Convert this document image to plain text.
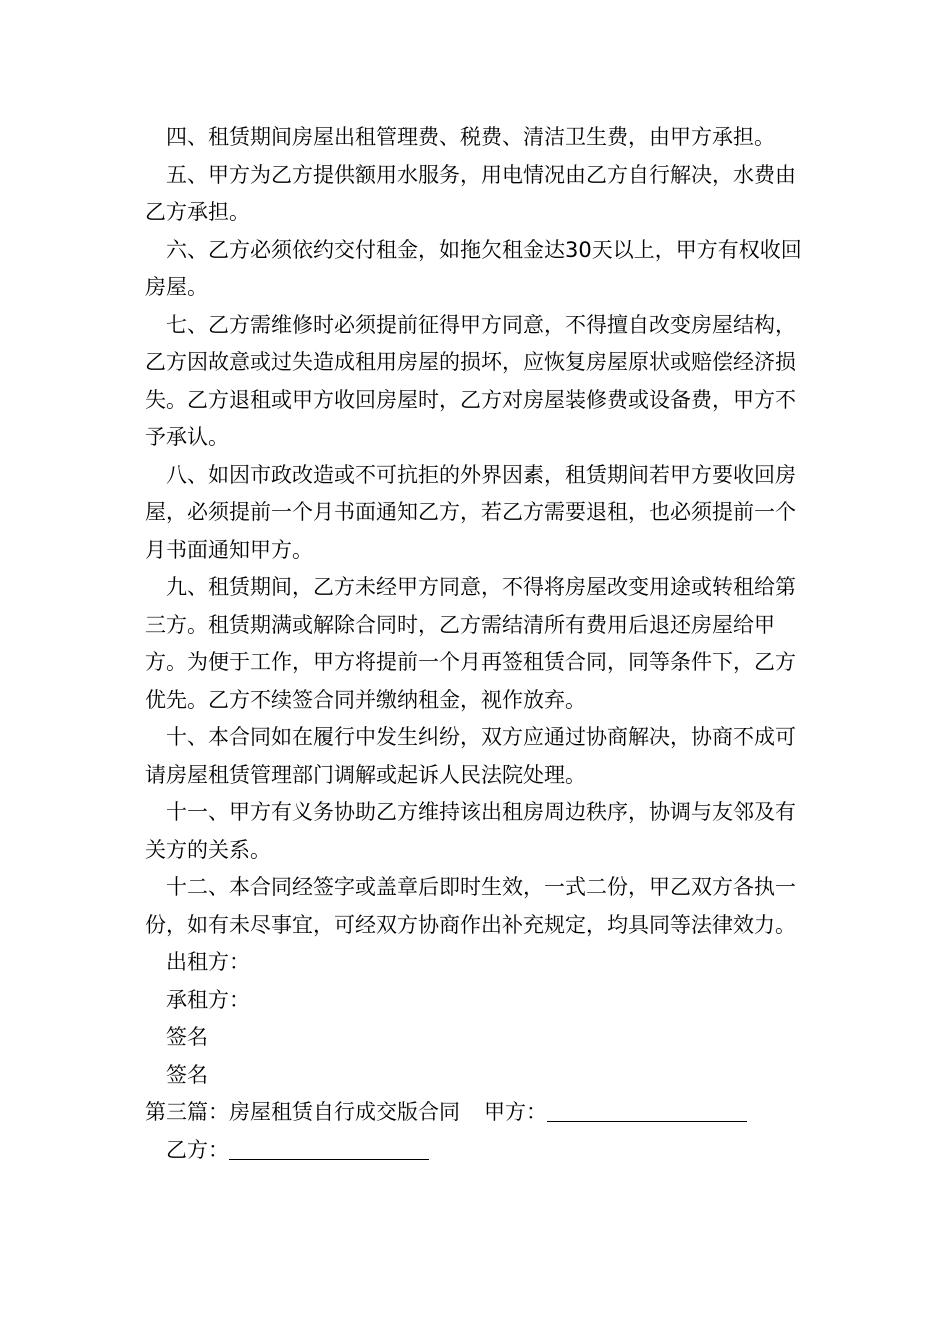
四、租赁期间房屋出租管理费、税费、清洁卫生费，由甲方承担。

五、甲方为乙方提供额用水服务，用电情况由乙方自行解决，水费由乙方承担。

六、乙方必须依约交付租金，如拖欠租金达30天以上，甲方有权收回房屋。

七、乙方需维修时必须提前征得甲方同意，不得擅自改变房屋结构，乙方因故意或过失造成租用房屋的损坏，应恢复房屋原状或赔偿经济损失。乙方退租或甲方收回房屋时，乙方对房屋装修费或设备费，甲方不予承认。

八、如因市政改造或不可抗拒的外界因素，租赁期间若甲方要收回房屋，必须提前一个月书面通知乙方，若乙方需要退租，也必须提前一个月书面通知甲方。

九、租赁期间，乙方未经甲方同意，不得将房屋改变用途或转租给第三方。租赁期满或解除合同时，乙方需结清所有费用后退还房屋给甲方。为便于工作，甲方将提前一个月再签租赁合同，同等条件下，乙方优先。乙方不续签合同并缴纳租金，视作放弃。

十、本合同如在履行中发生纠纷，双方应通过协商解决，协商不成可请房屋租赁管理部门调解或起诉人民法院处理。

十一、甲方有义务协助乙方维持该出租房周边秩序，协调与友邻及有关方的关系。

十二、本合同经签字或盖章后即时生效，一式二份，甲乙双方各执一份，如有未尽事宜，可经双方协商作出补充规定，均具同等法律效力。

出租方：

承租方：

签名

签名

第三篇：房屋租赁自行成交版合同 甲方：

乙方：
